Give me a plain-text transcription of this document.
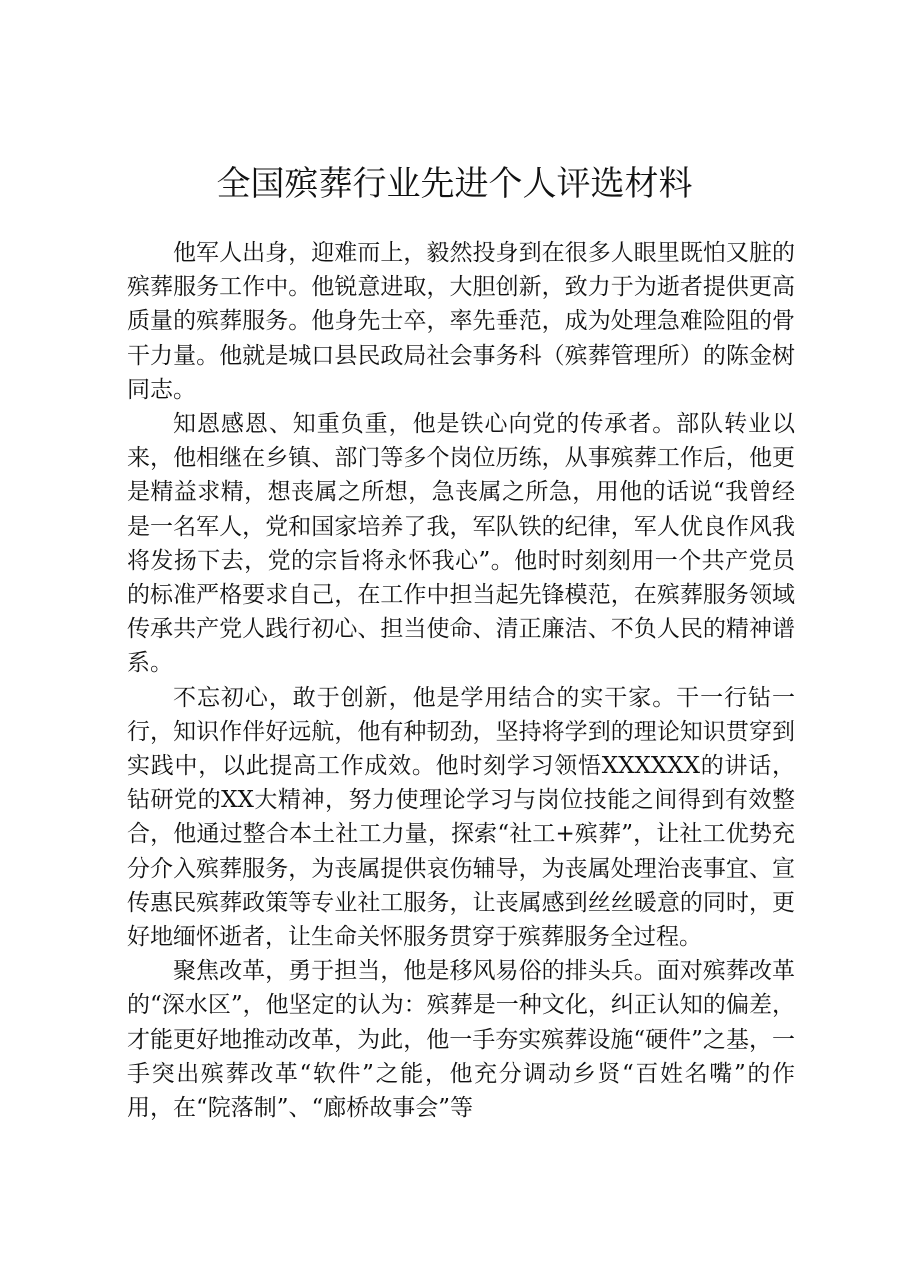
全国殡葬行业先进个人评选材料

他军人出身，迎难而上，毅然投身到在很多人眼里既怕又脏的殡葬服务工作中。他锐意进取，大胆创新，致力于为逝者提供更高质量的殡葬服务。他身先士卒，率先垂范，成为处理急难险阻的骨干力量。他就是城口县民政局社会事务科（殡葬管理所）的陈金树同志。

知恩感恩、知重负重，他是铁心向党的传承者。部队转业以来，他相继在乡镇、部门等多个岗位历练，从事殡葬工作后，他更是精益求精，想丧属之所想，急丧属之所急，用他的话说“我曾经是一名军人，党和国家培养了我，军队铁的纪律，军人优良作风我将发扬下去，党的宗旨将永怀我心”。他时时刻刻用一个共产党员的标准严格要求自己，在工作中担当起先锋模范，在殡葬服务领域传承共产党人践行初心、担当使命、清正廉洁、不负人民的精神谱系。

不忘初心，敢于创新，他是学用结合的实干家。干一行钻一行，知识作伴好远航，他有种韧劲，坚持将学到的理论知识贯穿到实践中，以此提高工作成效。他时刻学习领悟XXXXXX的讲话，钻研党的XX大精神，努力使理论学习与岗位技能之间得到有效整合，他通过整合本土社工力量，探索“社工+殡葬”，让社工优势充分介入殡葬服务，为丧属提供哀伤辅导，为丧属处理治丧事宜、宣传惠民殡葬政策等专业社工服务，让丧属感到丝丝暖意的同时，更好地缅怀逝者，让生命关怀服务贯穿于殡葬服务全过程。

聚焦改革，勇于担当，他是移风易俗的排头兵。面对殡葬改革的“深水区”，他坚定的认为：殡葬是一种文化，纠正认知的偏差，才能更好地推动改革，为此，他一手夯实殡葬设施“硬件”之基，一手突出殡葬改革“软件”之能，他充分调动乡贤“百姓名嘴”的作用，在“院落制”、“廊桥故事会”等
